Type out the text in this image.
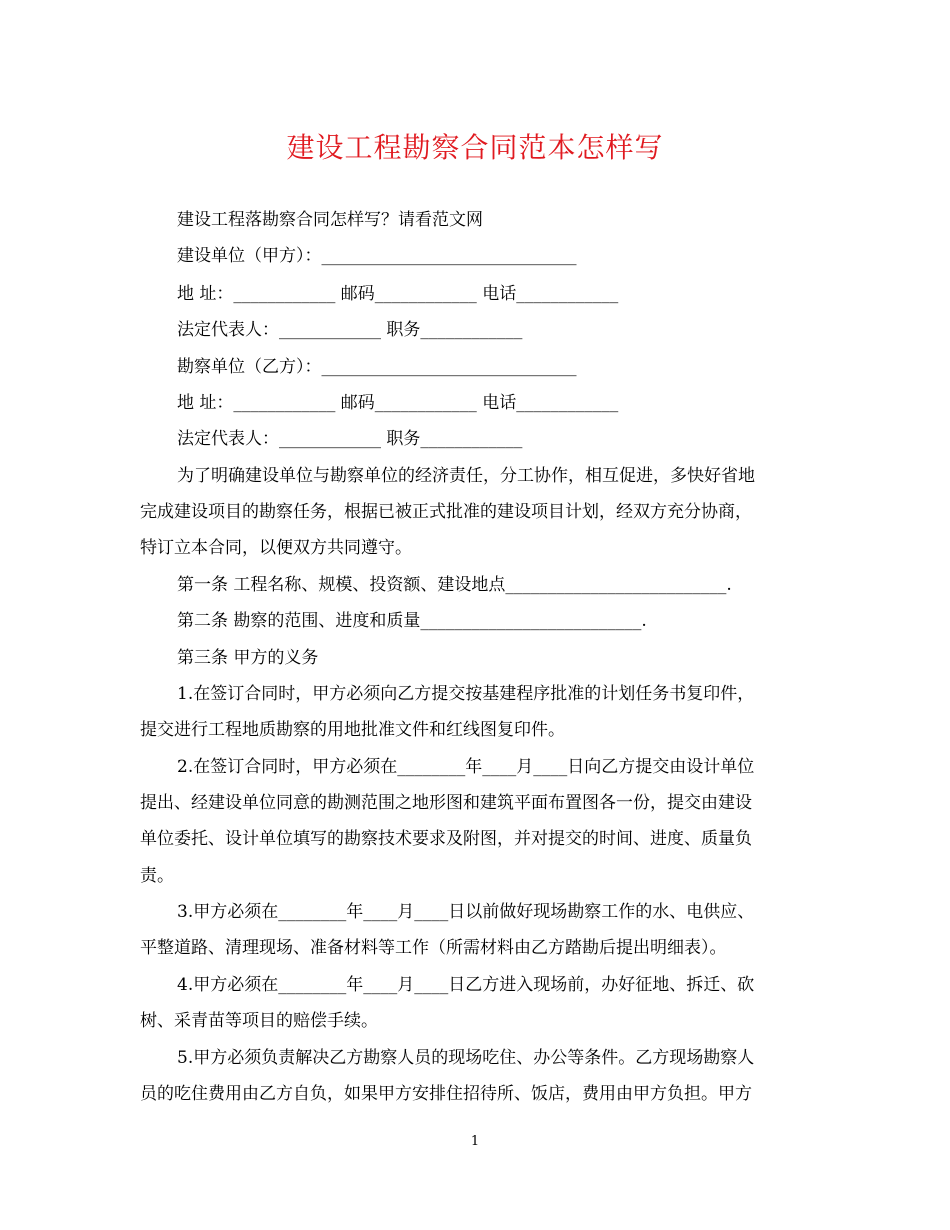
建设工程勘察合同范本怎样写

建设工程落勘察合同怎样写？请看范文网

建设单位（甲方）：______________________________

地 址：____________ 邮码____________ 电话____________

法定代表人：____________ 职务____________

勘察单位（乙方）：______________________________

地 址：____________ 邮码____________ 电话____________

法定代表人：____________ 职务____________

为了明确建设单位与勘察单位的经济责任，分工协作，相互促进，多快好省地

完成建设项目的勘察任务，根据已被正式批准的建设项目计划，经双方充分协商，

特订立本合同，以便双方共同遵守。

第一条 工程名称、规模、投资额、建设地点__________________________.

第二条 勘察的范围、进度和质量__________________________.

第三条 甲方的义务

1.在签订合同时，甲方必须向乙方提交按基建程序批准的计划任务书复印件，

提交进行工程地质勘察的用地批准文件和红线图复印件。

2.在签订合同时，甲方必须在________年____月____日向乙方提交由设计单位

提出、经建设单位同意的勘测范围之地形图和建筑平面布置图各一份，提交由建设

单位委托、设计单位填写的勘察技术要求及附图，并对提交的时间、进度、质量负

责。

3.甲方必须在________年____月____日以前做好现场勘察工作的水、电供应、

平整道路、清理现场、准备材料等工作（所需材料由乙方踏勘后提出明细表）。

4.甲方必须在________年____月____日乙方进入现场前，办好征地、拆迁、砍

树、采青苗等项目的赔偿手续。

5.甲方必须负责解决乙方勘察人员的现场吃住、办公等条件。乙方现场勘察人

员的吃住费用由乙方自负，如果甲方安排住招待所、饭店，费用由甲方负担。甲方

1
